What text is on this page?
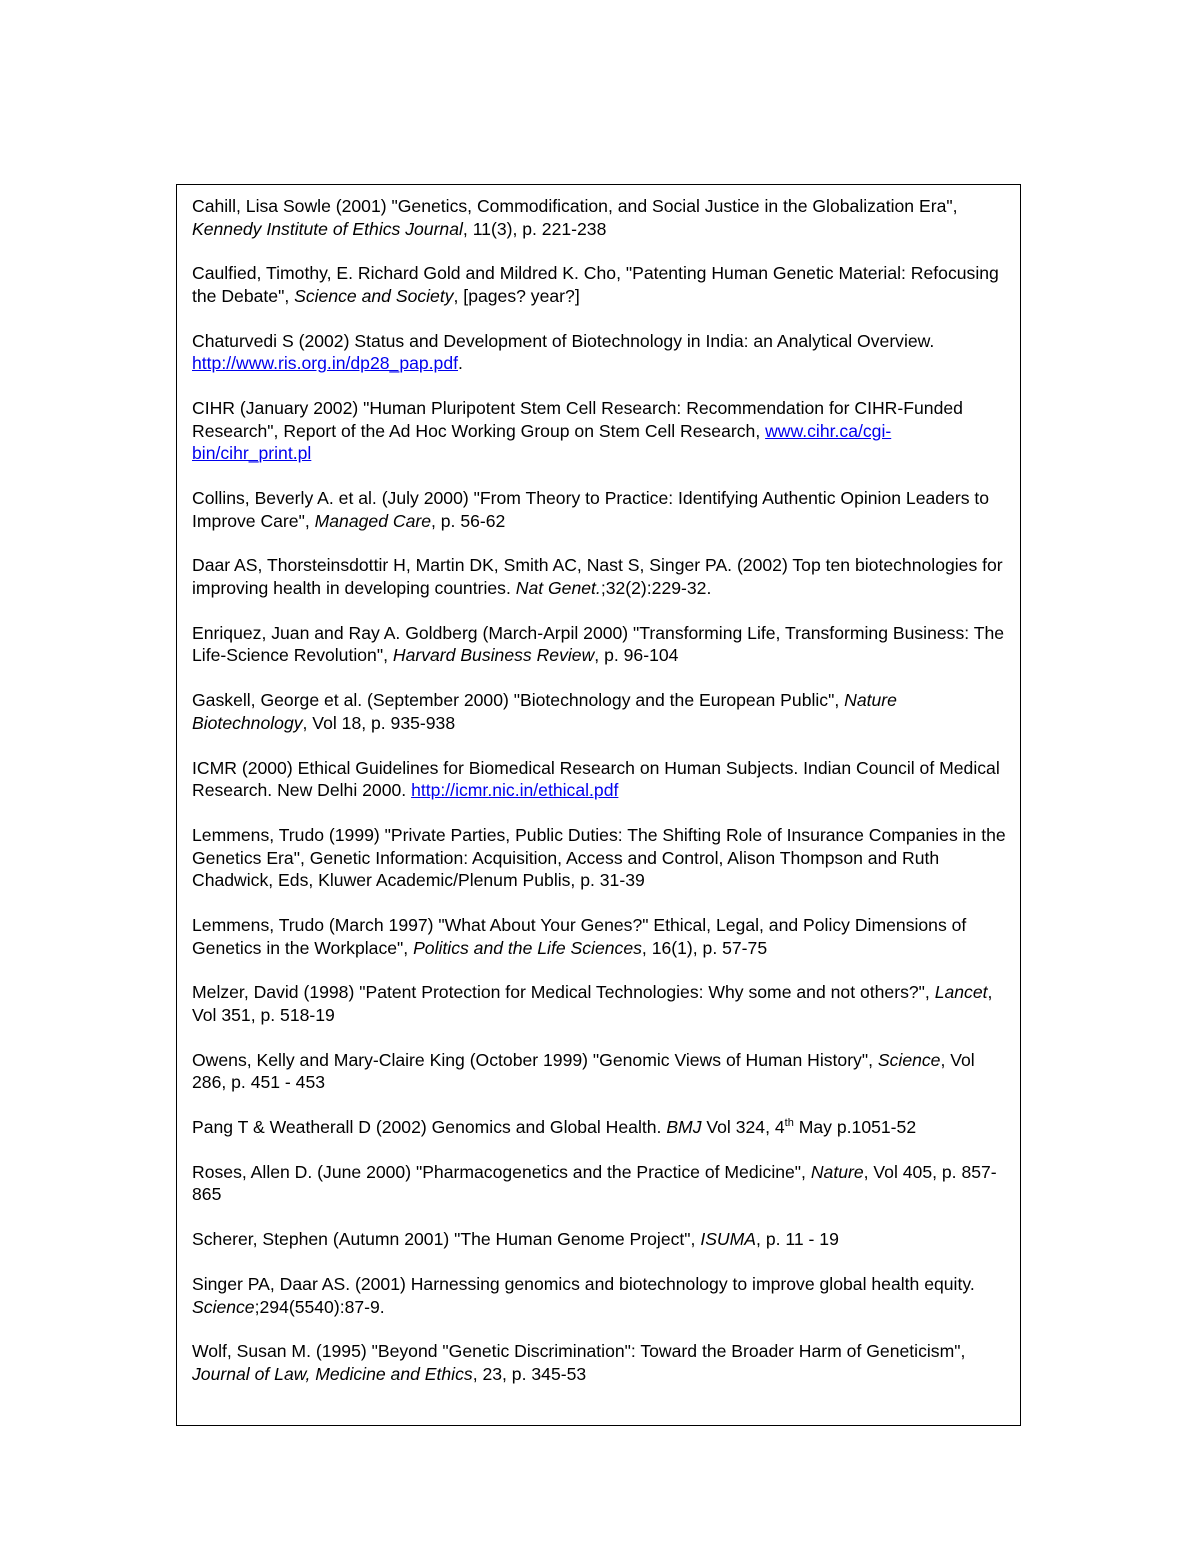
Cahill, Lisa Sowle (2001) "Genetics, Commodification, and Social Justice in the Globalization Era", Kennedy Institute of Ethics Journal, 11(3), p. 221-238
Caulfied, Timothy, E. Richard Gold and Mildred K. Cho, "Patenting Human Genetic Material: Refocusing the Debate", Science and Society, [pages? year?]
Chaturvedi S (2002) Status and Development of Biotechnology in India: an Analytical Overview. http://www.ris.org.in/dp28_pap.pdf.
CIHR (January 2002) "Human Pluripotent Stem Cell Research: Recommendation for CIHR-Funded Research", Report of the Ad Hoc Working Group on Stem Cell Research, www.cihr.ca/cgi-bin/cihr_print.pl
Collins, Beverly A. et al. (July 2000) "From Theory to Practice: Identifying Authentic Opinion Leaders to Improve Care", Managed Care, p. 56-62
Daar AS, Thorsteinsdottir H, Martin DK, Smith AC, Nast S, Singer PA. (2002) Top ten biotechnologies for improving health in developing countries. Nat Genet.;32(2):229-32.
Enriquez, Juan and Ray A. Goldberg (March-Arpil 2000) "Transforming Life, Transforming Business: The Life-Science Revolution", Harvard Business Review, p. 96-104
Gaskell, George et al. (September 2000) "Biotechnology and the European Public", Nature Biotechnology, Vol 18, p. 935-938
ICMR (2000) Ethical Guidelines for Biomedical Research on Human Subjects. Indian Council of Medical Research. New Delhi 2000. http://icmr.nic.in/ethical.pdf
Lemmens, Trudo (1999) "Private Parties, Public Duties: The Shifting Role of Insurance Companies in the Genetics Era", Genetic Information: Acquisition, Access and Control, Alison Thompson and Ruth Chadwick, Eds, Kluwer Academic/Plenum Publis, p. 31-39
Lemmens, Trudo (March 1997) "What About Your Genes?" Ethical, Legal, and Policy Dimensions of Genetics in the Workplace", Politics and the Life Sciences, 16(1), p. 57-75
Melzer, David (1998) "Patent Protection for Medical Technologies: Why some and not others?", Lancet, Vol 351, p. 518-19
Owens, Kelly and Mary-Claire King (October 1999) "Genomic Views of Human History", Science, Vol 286, p. 451 - 453
Pang T & Weatherall D (2002) Genomics and Global Health. BMJ Vol 324, 4th May p.1051-52
Roses, Allen D. (June 2000) "Pharmacogenetics and the Practice of Medicine", Nature, Vol 405, p. 857-865
Scherer, Stephen (Autumn 2001) "The Human Genome Project", ISUMA, p. 11 - 19
Singer PA, Daar AS. (2001) Harnessing genomics and biotechnology to improve global health equity. Science;294(5540):87-9.
Wolf, Susan M. (1995) "Beyond "Genetic Discrimination": Toward the Broader Harm of Geneticism", Journal of Law, Medicine and Ethics, 23, p. 345-53
